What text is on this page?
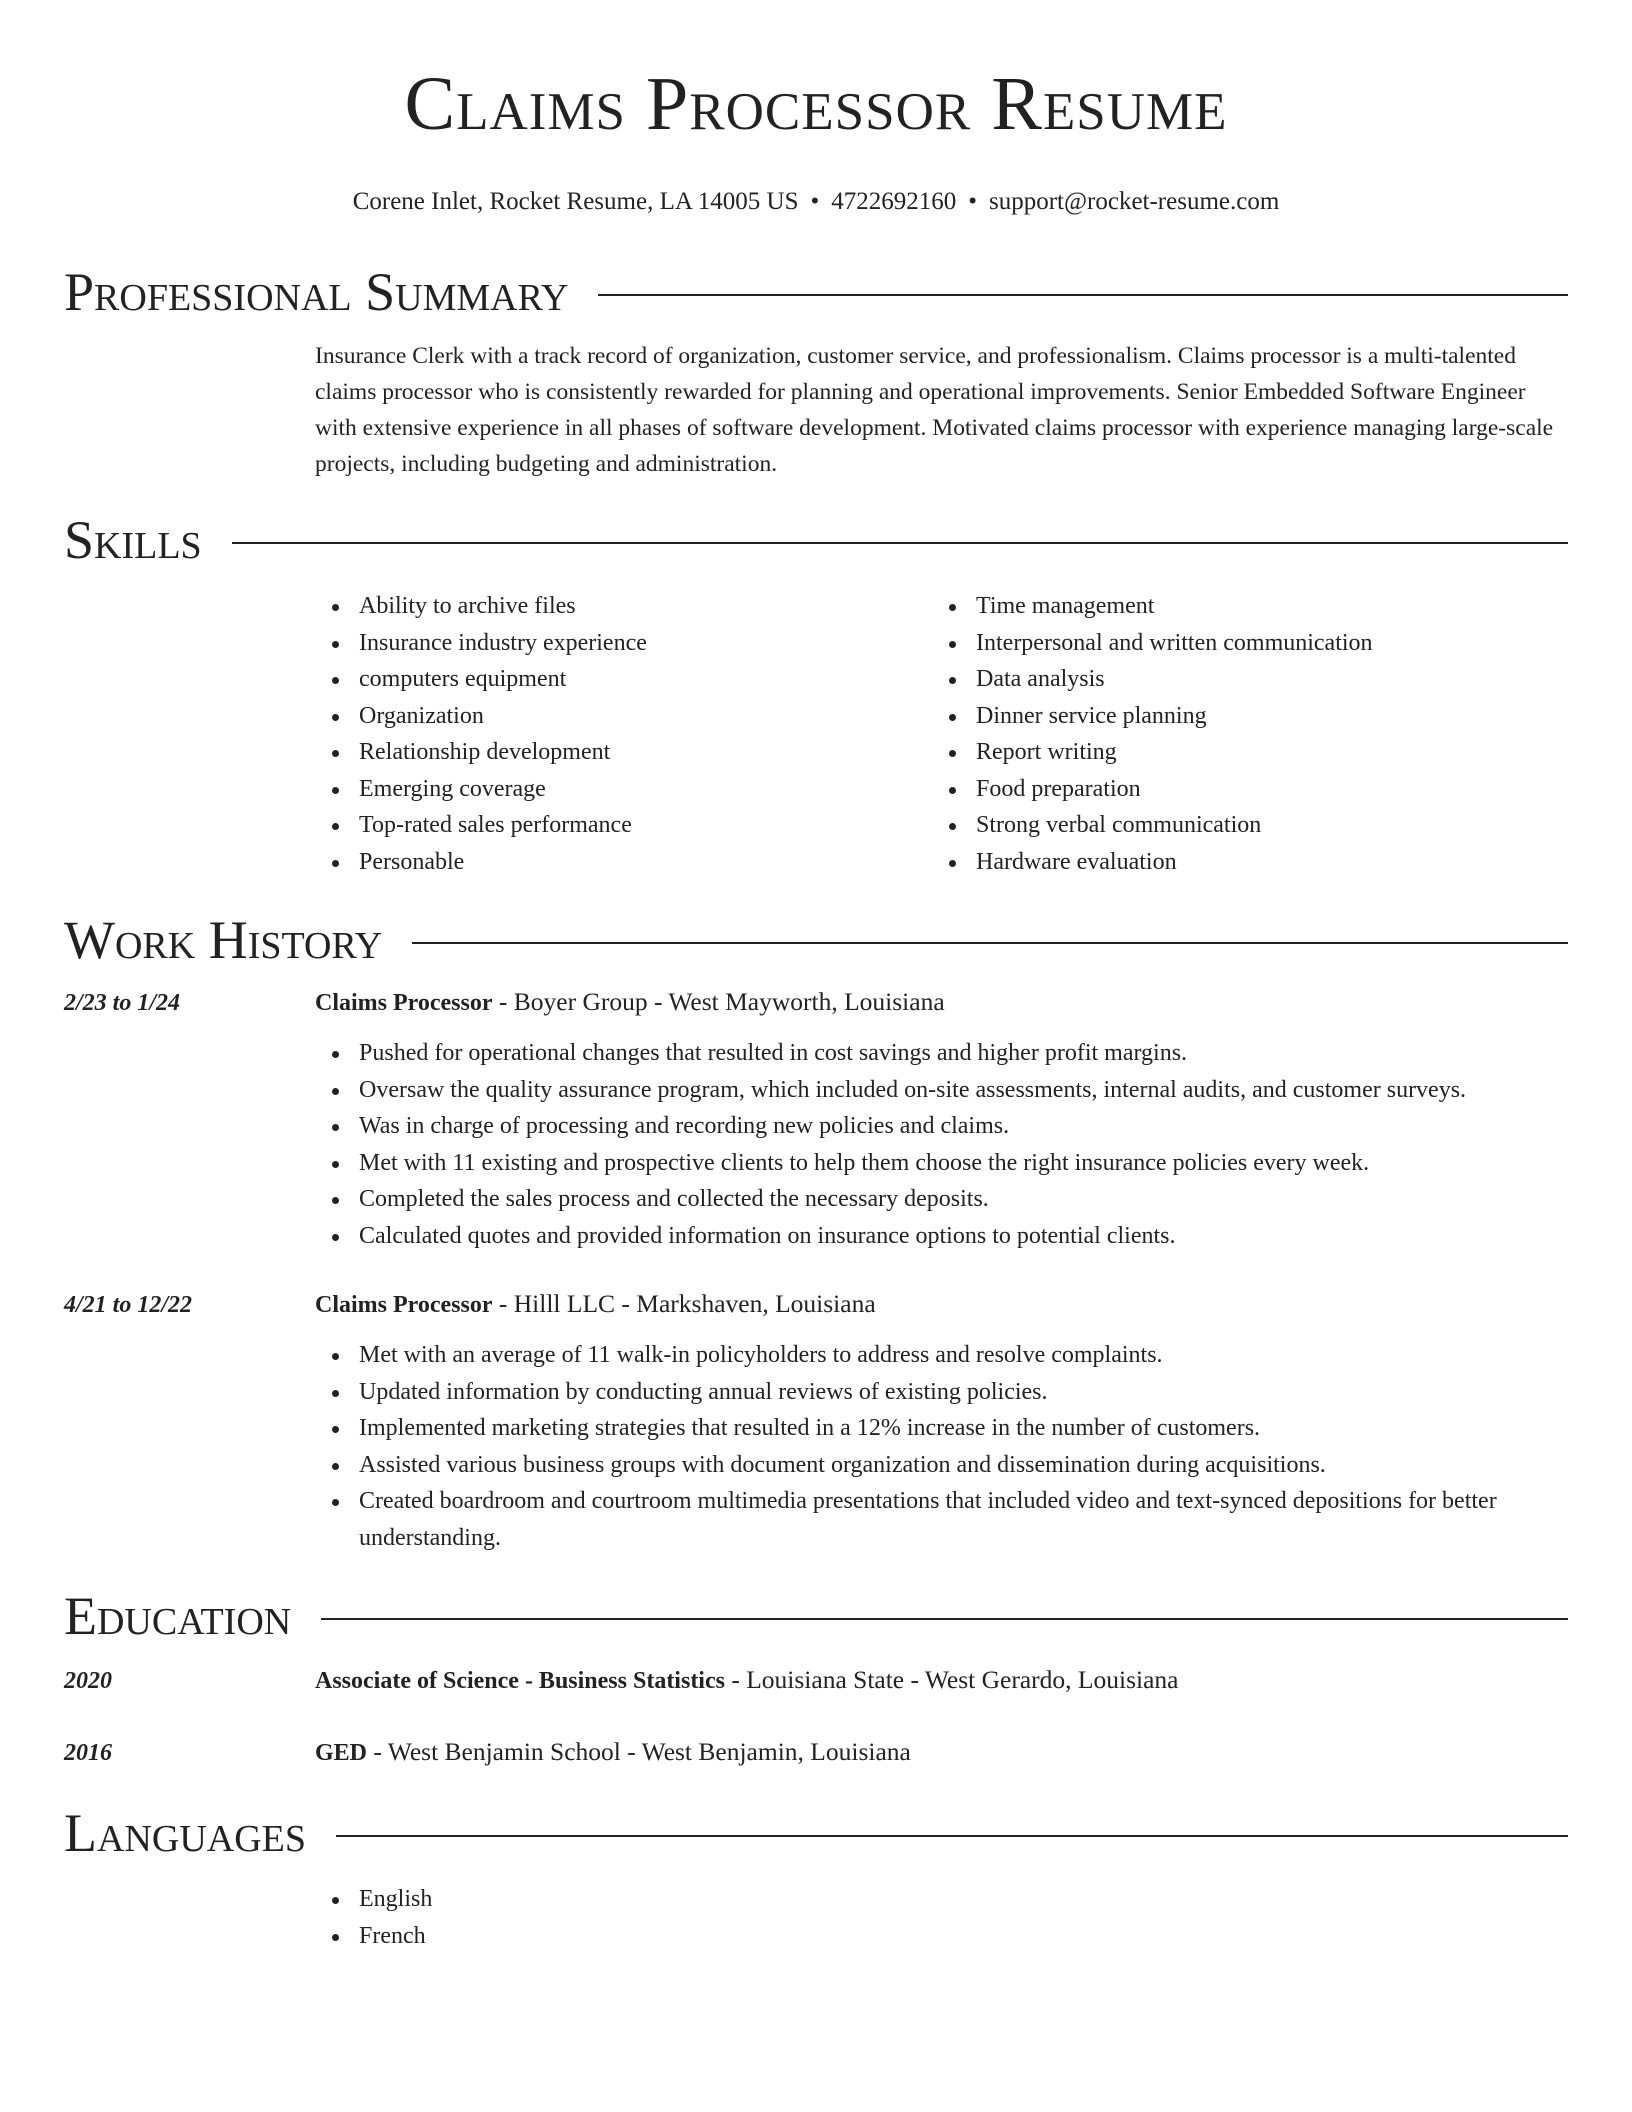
Claims Processor Resume
Corene Inlet, Rocket Resume, LA 14005 US • 4722692160 • support@rocket-resume.com
Professional Summary

Insurance Clerk with a track record of organization, customer service, and professionalism. Claims processor is a multi-talented claims processor who is consistently rewarded for planning and operational improvements. Senior Embedded Software Engineer with extensive experience in all phases of software development. Motivated claims processor with experience managing large-scale projects, including budgeting and administration.

Skills
Ability to archive files
Insurance industry experience
computers equipment
Organization
Relationship development
Emerging coverage
Top-rated sales performance
Personable
Time management
Interpersonal and written communication
Data analysis
Dinner service planning
Report writing
Food preparation
Strong verbal communication
Hardware evaluation
Work History
2/23 to 1/24	Claims Processor - Boyer Group - West Mayworth, Louisiana
Pushed for operational changes that resulted in cost savings and higher profit margins.
Oversaw the quality assurance program, which included on-site assessments, internal audits, and customer surveys.
Was in charge of processing and recording new policies and claims.
Met with 11 existing and prospective clients to help them choose the right insurance policies every week.
Completed the sales process and collected the necessary deposits.
Calculated quotes and provided information on insurance options to potential clients.
4/21 to 12/22	Claims Processor - Hilll LLC - Markshaven, Louisiana
Met with an average of 11 walk-in policyholders to address and resolve complaints.
Updated information by conducting annual reviews of existing policies.
Implemented marketing strategies that resulted in a 12% increase in the number of customers.
Assisted various business groups with document organization and dissemination during acquisitions.
Created boardroom and courtroom multimedia presentations that included video and text-synced depositions for better understanding.
Education
2020	Associate of Science - Business Statistics - Louisiana State - West Gerardo, Louisiana
2016	GED - West Benjamin School - West Benjamin, Louisiana
Languages
English
French
